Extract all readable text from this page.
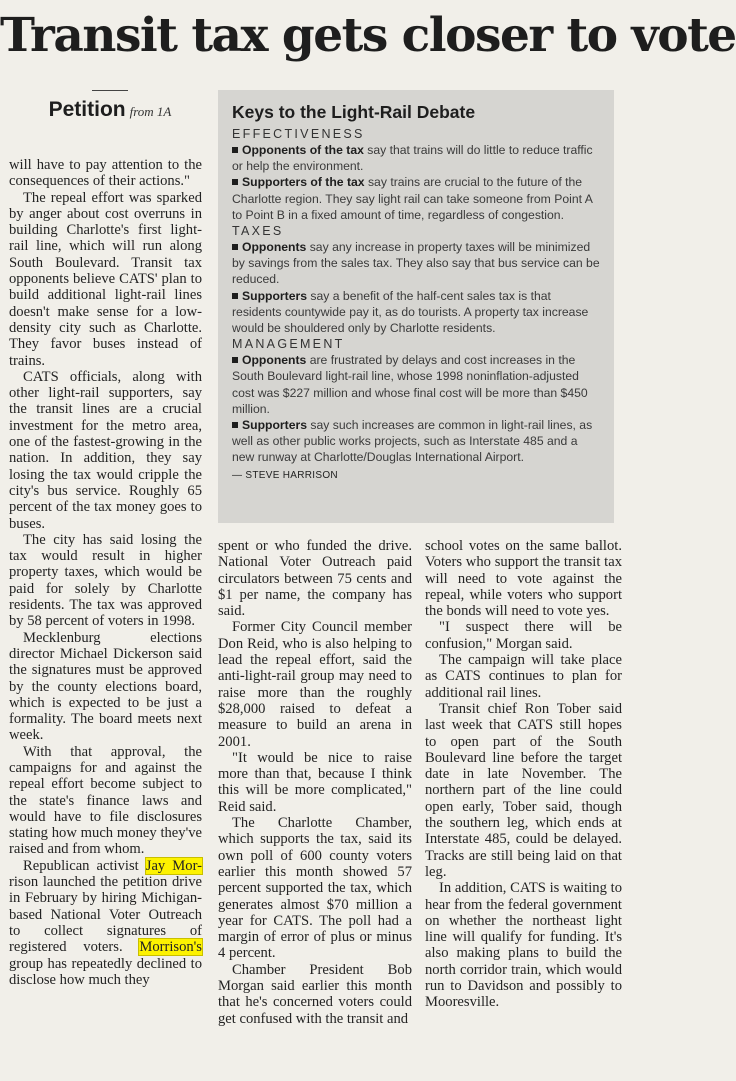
Transit tax gets closer to vote
Petition from 1A

will have to pay attention to the consequences of their actions."

The repeal effort was sparked by anger about cost overruns in building Charlotte's first light-rail line, which will run along South Boulevard. Transit tax opponents believe CATS' plan to build additional light-rail lines doesn't make sense for a low-density city such as Charlotte. They favor buses instead of trains.

CATS officials, along with other light-rail supporters, say the transit lines are a crucial investment for the metro area, one of the fastest-growing in the nation. In addition, they say losing the tax would cripple the city's bus service. Roughly 65 percent of the tax money goes to buses.

The city has said losing the tax would result in higher property taxes, which would be paid for solely by Charlotte residents. The tax was approved by 58 percent of voters in 1998.

Mecklenburg elections director Michael Dickerson said the signatures must be approved by the county elections board, which is expected to be just a formality. The board meets next week.

With that approval, the campaigns for and against the repeal effort become subject to the state's finance laws and would have to file disclosures stating how much money they've raised and from whom.

Republican activist Jay Mor- rison launched the petition drive in February by hiring Michigan-based National Voter Outreach to collect signatures of registered voters. Morrison's group has repeatedly declined to disclose how much they

Keys to the Light-Rail Debate
EFFECTIVENESS

Opponents of the tax say that trains will do little to reduce traffic or help the environment.

Supporters of the tax say trains are crucial to the future of the Charlotte region. They say light rail can take someone from Point A to Point B in a fixed amount of time, regardless of congestion.

TAXES

Opponents say any increase in property taxes will be minimized by savings from the sales tax. They also say that bus service can be reduced.

Supporters say a benefit of the half-cent sales tax is that residents countywide pay it, as do tourists. A property tax increase would be shouldered only by Charlotte residents.

MANAGEMENT

Opponents are frustrated by delays and cost increases in the South Boulevard light-rail line, whose 1998 noninflation-adjusted cost was $227 million and whose final cost will be more than $450 million.

Supporters say such increases are common in light-rail lines, as well as other public works projects, such as Interstate 485 and a new runway at Charlotte/Douglas International Airport.

— STEVE HARRISON

spent or who funded the drive. National Voter Outreach paid circulators between 75 cents and $1 per name, the company has said.

Former City Council member Don Reid, who is also helping to lead the repeal effort, said the anti-light-rail group may need to raise more than the roughly $28,000 raised to defeat a measure to build an arena in 2001.

"It would be nice to raise more than that, because I think this will be more complicated," Reid said.

The Charlotte Chamber, which supports the tax, said its own poll of 600 county voters earlier this month showed 57 percent supported the tax, which generates almost $70 million a year for CATS. The poll had a margin of error of plus or minus 4 percent.

Chamber President Bob Morgan said earlier this month that he's concerned voters could get confused with the transit and

school votes on the same ballot. Voters who support the transit tax will need to vote against the repeal, while voters who support the bonds will need to vote yes.

"I suspect there will be confusion," Morgan said.

The campaign will take place as CATS continues to plan for additional rail lines.

Transit chief Ron Tober said last week that CATS still hopes to open part of the South Boulevard line before the target date in late November. The northern part of the line could open early, Tober said, though the southern leg, which ends at Interstate 485, could be delayed. Tracks are still being laid on that leg.

In addition, CATS is waiting to hear from the federal government on whether the northeast light line will qualify for funding. It's also making plans to build the north corridor train, which would run to Davidson and possibly to Mooresville.
